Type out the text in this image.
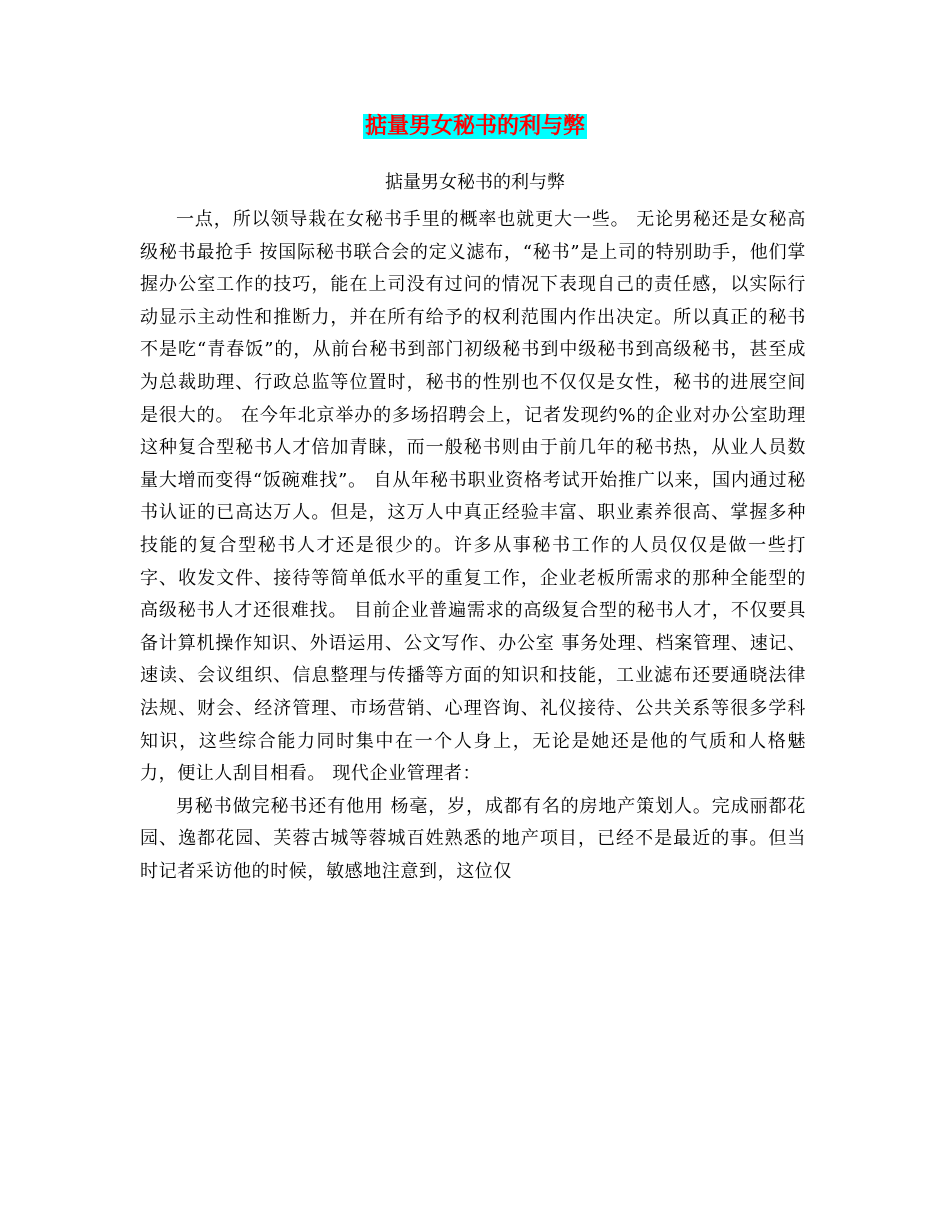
掂量男女秘书的利与弊
掂量男女秘书的利与弊

一点，所以领导栽在女秘书手里的概率也就更大一些。 无论男秘还是女秘高级秘书最抢手 按国际秘书联合会的定义滤布，“秘书”是上司的特别助手，他们掌握办公室工作的技巧，能在上司没有过问的情况下表现自己的责任感，以实际行动显示主动性和推断力，并在所有给予的权利范围内作出决定。所以真正的秘书不是吃“青春饭”的，从前台秘书到部门初级秘书到中级秘书到高级秘书，甚至成为总裁助理、行政总监等位置时，秘书的性别也不仅仅是女性，秘书的进展空间是很大的。 在今年北京举办的多场招聘会上，记者发现约%的企业对办公室助理这种复合型秘书人才倍加青睐，而一般秘书则由于前几年的秘书热，从业人员数量大增而变得“饭碗难找”。 自从年秘书职业资格考试开始推广以来，国内通过秘书认证的已高达万人。但是，这万人中真正经验丰富、职业素养很高、掌握多种技能的复合型秘书人才还是很少的。许多从事秘书工作的人员仅仅是做一些打字、收发文件、接待等简单低水平的重复工作，企业老板所需求的那种全能型的高级秘书人才还很难找。 目前企业普遍需求的高级复合型的秘书人才，不仅要具备计算机操作知识、外语运用、公文写作、办公室 事务处理、档案管理、速记、速读、会议组织、信息整理与传播等方面的知识和技能，工业滤布还要通晓法律法规、财会、经济管理、市场营销、心理咨询、礼仪接待、公共关系等很多学科知识，这些综合能力同时集中在一个人身上，无论是她还是他的气质和人格魅力，便让人刮目相看。 现代企业管理者：

男秘书做完秘书还有他用 杨毫，岁，成都有名的房地产策划人。完成丽都花园、逸都花园、芙蓉古城等蓉城百姓熟悉的地产项目，已经不是最近的事。但当时记者采访他的时候，敏感地注意到，这位仅
